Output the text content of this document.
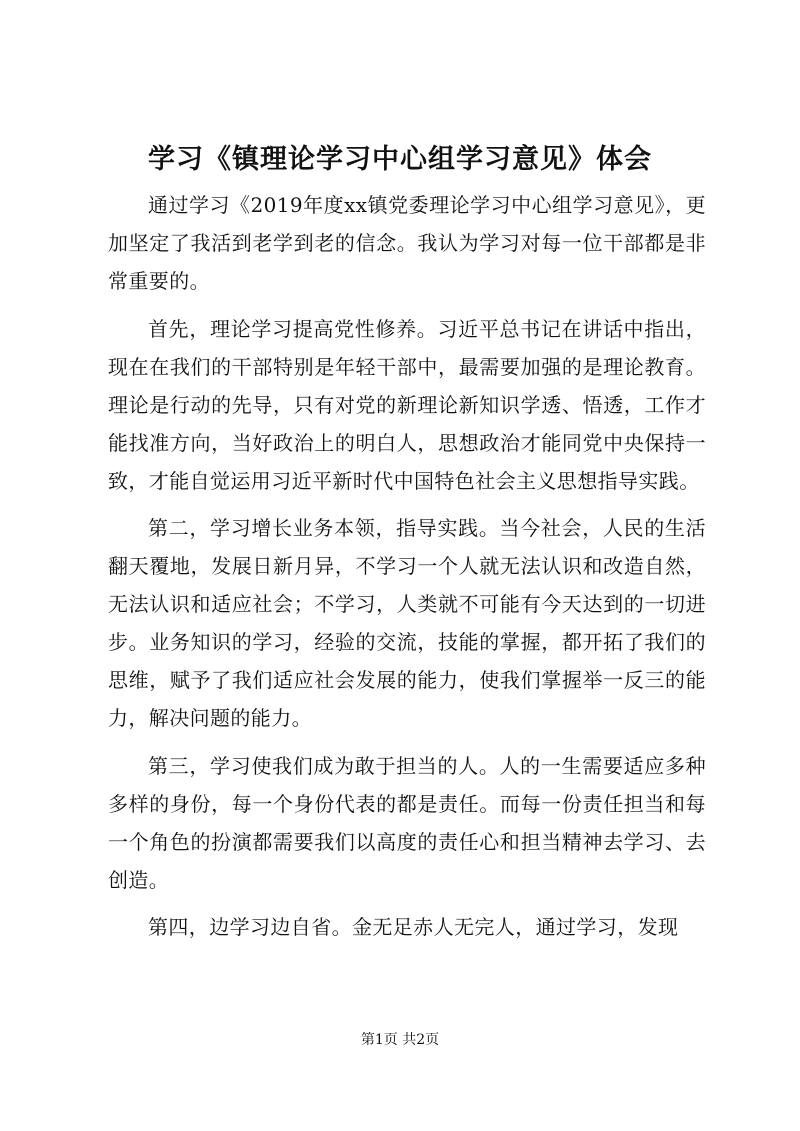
学习《镇理论学习中心组学习意见》体会

通过学习《2019年度xx镇党委理论学习中心组学习意见》，更加坚定了我活到老学到老的信念。我认为学习对每一位干部都是非常重要的。

首先，理论学习提高党性修养。习近平总书记在讲话中指出，现在在我们的干部特别是年轻干部中，最需要加强的是理论教育。理论是行动的先导，只有对党的新理论新知识学透、悟透，工作才能找准方向，当好政治上的明白人，思想政治才能同党中央保持一致，才能自觉运用习近平新时代中国特色社会主义思想指导实践。

第二，学习增长业务本领，指导实践。当今社会，人民的生活翻天覆地，发展日新月异，不学习一个人就无法认识和改造自然，无法认识和适应社会；不学习，人类就不可能有今天达到的一切进步。业务知识的学习，经验的交流，技能的掌握，都开拓了我们的思维，赋予了我们适应社会发展的能力，使我们掌握举一反三的能力，解决问题的能力。

第三，学习使我们成为敢于担当的人。人的一生需要适应多种多样的身份，每一个身份代表的都是责任。而每一份责任担当和每一个角色的扮演都需要我们以高度的责任心和担当精神去学习、去创造。

第四，边学习边自省。金无足赤人无完人，通过学习，发现

第1页 共2页
